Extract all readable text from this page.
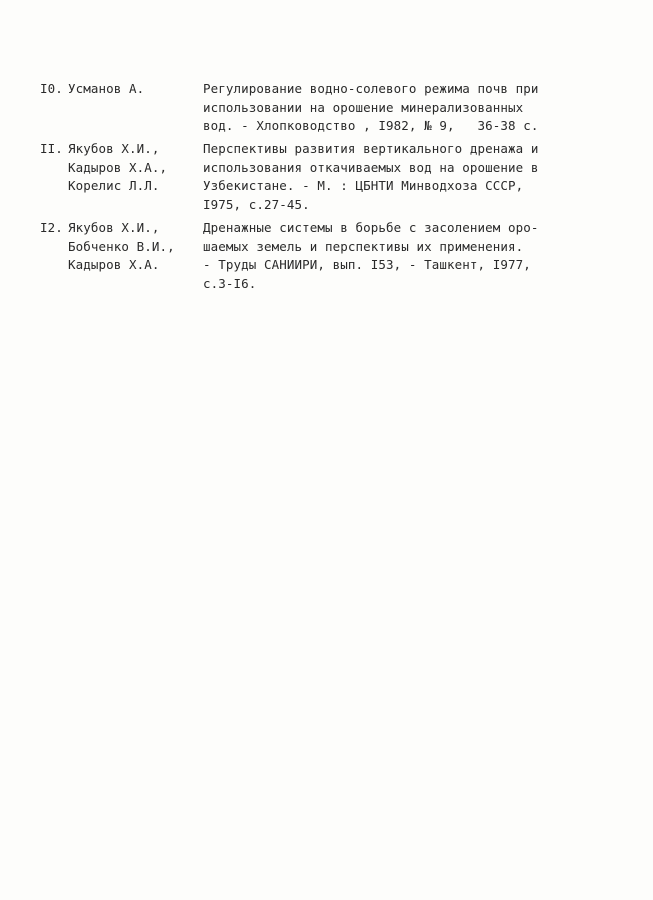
I0. Усманов А.	Регулирование водно-солевого режима почв при
использовании на орошение минерализованных
вод. - Хлопководство , I982, № 9,   36-38 с.
II. Якубов Х.И.,
Кадыров Х.А.,
Корелис Л.Л.
Перспективы развития вертикального дренажа и
использования откачиваемых вод на орошение в
Узбекистане. - М. : ЦБНТИ Минводхоза СССР,
I975, с.27-45.
I2. Якубов Х.И.,
Бобченко В.И.,
Кадыров Х.А.
Дренажные системы в борьбе с засолением оро-
шаемых земель и перспективы их применения.
- Труды САНИИРИ, вып. I53, - Ташкент, I977,
с.3-I6.
